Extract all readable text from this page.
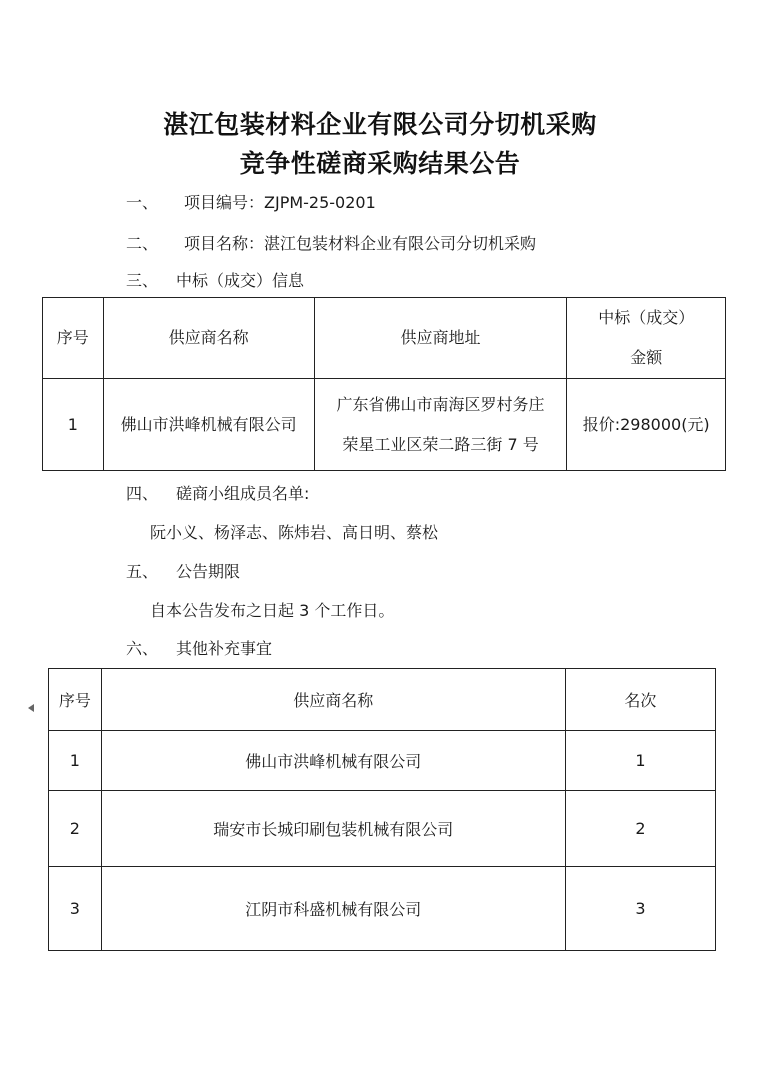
湛江包装材料企业有限公司分切机采购
竞争性磋商采购结果公告
一、 项目编号：ZJPM-25-0201
二、 项目名称：湛江包装材料企业有限公司分切机采购
三、 中标（成交）信息
序号	供应商名称	供应商地址	中标（成交）
金额

1	佛山市洪峰机械有限公司	广东省佛山市南海区罗村务庄
荣星工业区荣二路三街 7 号	报价:298000(元)
四、 磋商小组成员名单:
阮小义、杨泽志、陈炜岩、高日明、蔡松
五、 公告期限
自本公告发布之日起 3 个工作日。
六、 其他补充事宜
序号	供应商名称	名次
1	佛山市洪峰机械有限公司	1
2	瑞安市长城印刷包装机械有限公司	2
3	江阴市科盛机械有限公司	3
